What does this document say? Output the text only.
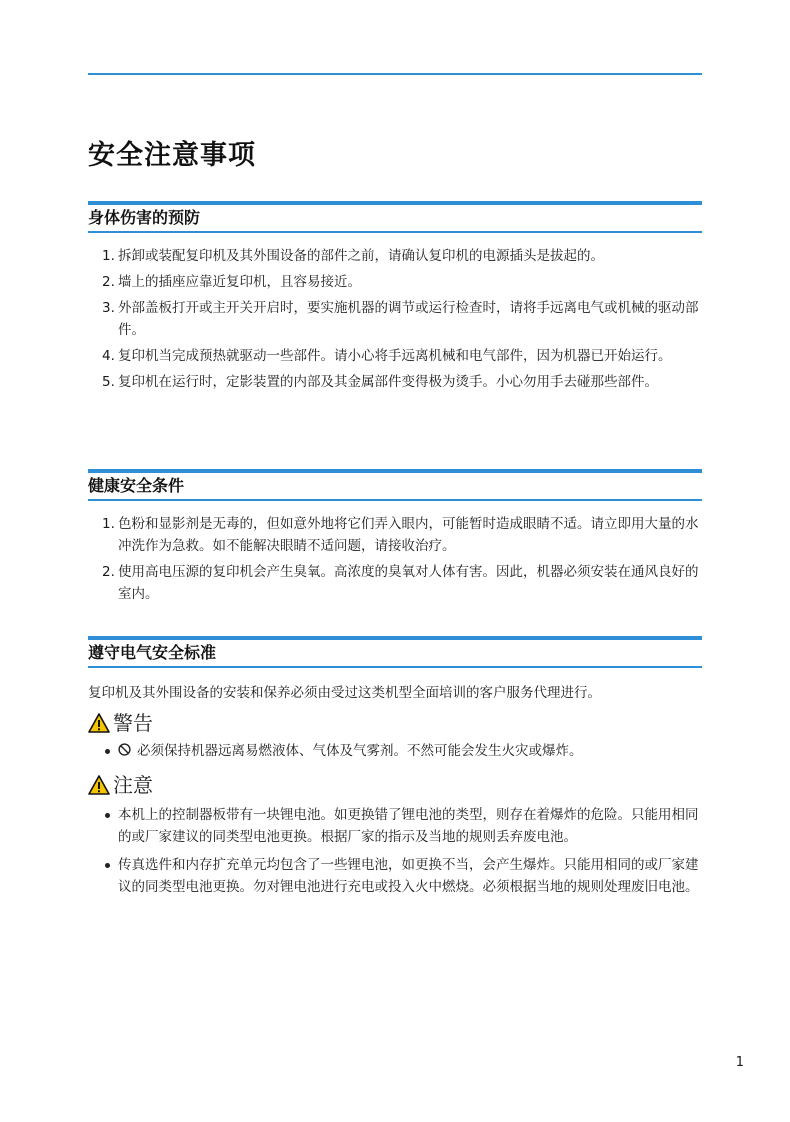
安全注意事项
身体伤害的预防
1. 拆卸或装配复印机及其外围设备的部件之前，请确认复印机的电源插头是拔起的。
2. 墙上的插座应靠近复印机，且容易接近。
3. 外部盖板打开或主开关开启时，要实施机器的调节或运行检查时，请将手远离电气或机械的驱动部件。
4. 复印机当完成预热就驱动一些部件。请小心将手远离机械和电气部件，因为机器已开始运行。
5. 复印机在运行时，定影装置的内部及其金属部件变得极为烫手。小心勿用手去碰那些部件。
健康安全条件
1. 色粉和显影剂是无毒的，但如意外地将它们弄入眼内，可能暂时造成眼睛不适。请立即用大量的水冲洗作为急救。如不能解决眼睛不适问题，请接收治疗。
2. 使用高电压源的复印机会产生臭氧。高浓度的臭氧对人体有害。因此，机器必须安装在通风良好的室内。
遵守电气安全标准

复印机及其外围设备的安装和保养必须由受过这类机型全面培训的客户服务代理进行。

警告
必须保持机器远离易燃液体、气体及气雾剂。不然可能会发生火灾或爆炸。
注意
本机上的控制器板带有一块锂电池。如更换错了锂电池的类型，则存在着爆炸的危险。只能用相同的或厂家建议的同类型电池更换。根据厂家的指示及当地的规则丢弃废电池。
传真选件和内存扩充单元均包含了一些锂电池，如更换不当，会产生爆炸。只能用相同的或厂家建议的同类型电池更换。勿对锂电池进行充电或投入火中燃烧。必须根据当地的规则处理废旧电池。
1
